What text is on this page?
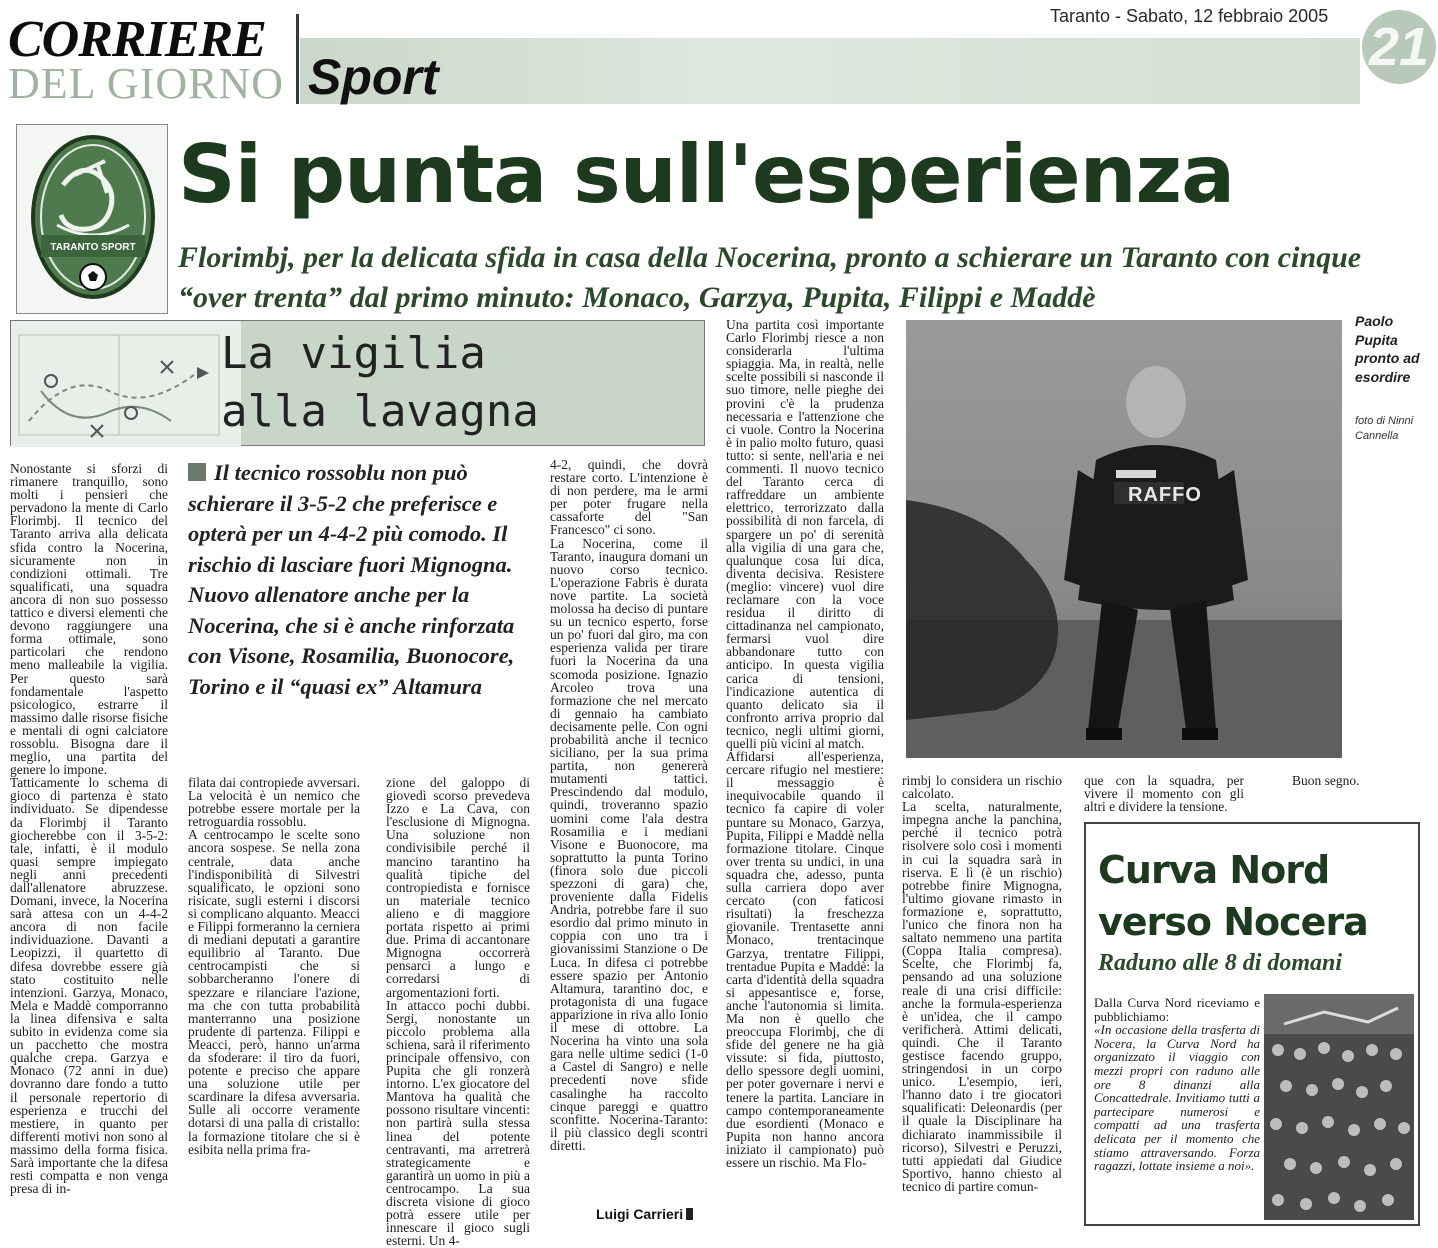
CORRIERE
DEL GIORNO Sport
Taranto - Sabato, 12 febbraio 2005
21
TARANTO SPORT
Si punta sull'esperienza
Florimbj, per la delicata sfida in casa della Nocerina, pronto a schierare un Taranto con cinque “over trenta” dal primo minuto: Monaco, Garzya, Pupita, Filippi e Maddè
La vigilia
alla lavagna
Il tecnico rossoblu non può schierare il 3-5-2 che preferisce e opterà per un 4-4-2 più comodo. Il rischio di lasciare fuori Mignogna. Nuovo allenatore anche per la Nocerina, che si è anche rinforzata con Visone, Rosamilia, Buonocore, Torino e il “quasi ex” Altamura

Nonostante si sforzi di rimanere tranquillo, sono molti i pensieri che pervadono la mente di Carlo Florimbj. Il tecnico del Taranto arriva alla delicata sfida contro la Nocerina, sicuramente non in condizioni ottimali. Tre squalificati, una squadra ancora di non suo possesso tattico e diversi elementi che devono raggiungere una forma ottimale, sono particolari che rendono meno malleabile la vigilia. Per questo sarà fondamentale l'aspetto psicologico, estrarre il massimo dalle risorse fisiche e mentali di ogni calciatore rossoblu. Bisogna dare il meglio, una partita del genere lo impone.

Tatticamente lo schema di gioco di partenza è stato individuato. Se dipendesse da Florimbj il Taranto giocherebbe con il 3-5-2: tale, infatti, è il modulo quasi sempre impiegato negli anni precedenti dall'allenatore abruzzese. Domani, invece, la Nocerina sarà attesa con un 4-4-2 ancora di non facile individuazione. Davanti a Leopizzi, il quartetto di difesa dovrebbe essere già stato costituito nelle intenzioni. Garzya, Monaco, Mela e Maddè comporranno la linea difensiva e salta subito in evidenza come sia un pacchetto che mostra qualche crepa. Garzya e Monaco (72 anni in due) dovranno dare fondo a tutto il personale repertorio di esperienza e trucchi del mestiere, in quanto per differenti motivi non sono al massimo della forma fisica. Sarà importante che la difesa resti compatta e non venga presa di in-

filata dai contropiede avversari. La velocità è un nemico che potrebbe essere mortale per la retroguardia rossoblu.

A centrocampo le scelte sono ancora sospese. Se nella zona centrale, data anche l'indisponibilità di Silvestri squalificato, le opzioni sono risicate, sugli esterni i discorsi si complicano alquanto. Meacci e Filippi formeranno la cerniera di mediani deputati a garantire equilibrio al Taranto. Due centrocampisti che si sobbarcheranno l'onere di spezzare e rilanciare l'azione, ma che con tutta probabilità manterranno una posizione prudente di partenza. Filippi e Meacci, però, hanno un'arma da sfoderare: il tiro da fuori, potente e preciso che appare una soluzione utile per scardinare la difesa avversaria. Sulle ali occorre veramente dotarsi di una palla di cristallo: la formazione titolare che si è esibita nella prima fra-

zione del galoppo di giovedì scorso prevedeva Izzo e La Cava, con l'esclusione di Mignogna. Una soluzione non condivisibile perché il mancino tarantino ha qualità tipiche del contropiedista e fornisce un materiale tecnico alieno e di maggiore portata rispetto ai primi due. Prima di accantonare Mignogna occorrerà pensarci a lungo e corredarsi di argomentazioni forti.

In attacco pochi dubbi. Sergi, nonostante un piccolo problema alla schiena, sarà il riferimento principale offensivo, con Pupita che gli ronzerà intorno. L'ex giocatore del Mantova ha qualità che possono risultare vincenti: non partirà sulla stessa linea del potente centravanti, ma arretrerà strategicamente e garantirà un uomo in più a centrocampo. La sua discreta visione di gioco potrà essere utile per innescare il gioco sugli esterni. Un 4-

4-2, quindi, che dovrà restare corto. L'intenzione è di non perdere, ma le armi per poter frugare nella cassaforte del "San Francesco" ci sono.

La Nocerina, come il Taranto, inaugura domani un nuovo corso tecnico. L'operazione Fabris è durata nove partite. La società molossa ha deciso di puntare su un tecnico esperto, forse un po' fuori dal giro, ma con esperienza valida per tirare fuori la Nocerina da una scomoda posizione. Ignazio Arcoleo trova una formazione che nel mercato di gennaio ha cambiato decisamente pelle. Con ogni probabilità anche il tecnico siciliano, per la sua prima partita, non genererà mutamenti tattici. Prescindendo dal modulo, quindi, troveranno spazio uomini come l'ala destra Rosamilia e i mediani Visone e Buonocore, ma soprattutto la punta Torino (finora solo due piccoli spezzoni di gara) che, proveniente dalla Fidelis Andria, potrebbe fare il suo esordio dal primo minuto in coppia con uno tra i giovanissimi Stanzione o De Luca. In difesa ci potrebbe essere spazio per Antonio Altamura, tarantino doc, e protagonista di una fugace apparizione in riva allo Ionio il mese di ottobre. La Nocerina ha vinto una sola gara nelle ultime sedici (1-0 a Castel di Sangro) e nelle precedenti nove sfide casalinghe ha raccolto cinque pareggi e quattro sconfitte. Nocerina-Taranto: il più classico degli scontri diretti.

Una partita così importante Carlo Florimbj riesce a non considerarla l'ultima spiaggia. Ma, in realtà, nelle scelte possibili si nasconde il suo timore, nelle pieghe dei provini c'è la prudenza necessaria e l'attenzione che ci vuole. Contro la Nocerina è in palio molto futuro, quasi tutto: si sente, nell'aria e nei commenti. Il nuovo tecnico del Taranto cerca di raffreddare un ambiente elettrico, terrorizzato dalla possibilità di non farcela, di spargere un po' di serenità alla vigilia di una gara che, qualunque cosa lui dica, diventa decisiva. Resistere (meglio: vincere) vuol dire reclamare con la voce residua il diritto di cittadinanza nel campionato, fermarsi vuol dire abbandonare tutto con anticipo. In questa vigilia carica di tensioni, l'indicazione autentica di quanto delicato sia il confronto arriva proprio dal tecnico, negli ultimi giorni, quelli più vicini al match.

Affidarsi all'esperienza, cercare rifugio nel mestiere: il messaggio è inequivocabile quando il tecnico fa capire di voler puntare su Monaco, Garzya, Pupita, Filippi e Maddè nella formazione titolare. Cinque over trenta su undici, in una squadra che, adesso, punta sulla carriera dopo aver cercato (con faticosi risultati) la freschezza giovanile. Trentasette anni Monaco, trentacinque Garzya, trentatre Filippi, trentadue Pupita e Maddè: la carta d'identità della squadra si appesantisce e, forse, anche l'autonomia si limita. Ma non è quello che preoccupa Florimbj, che di sfide del genere ne ha già vissute: si fida, piuttosto, dello spessore degli uomini, per poter governare i nervi e tenere la partita. Lanciare in campo contemporaneamente due esordienti (Monaco e Pupita non hanno ancora iniziato il campionato) può essere un rischio. Ma Flo-

rimbj lo considera un rischio calcolato.

La scelta, naturalmente, impegna anche la panchina, perché il tecnico potrà risolvere solo così i momenti in cui la squadra sarà in riserva. E lì (è un rischio) potrebbe finire Mignogna, l'ultimo giovane rimasto in formazione e, soprattutto, l'unico che finora non ha saltato nemmeno una partita (Coppa Italia compresa). Scelte, che Florimbj fa, pensando ad una soluzione reale di una crisi difficile: anche la formula-esperienza è un'idea, che il campo verificherà. Attimi delicati, quindi. Che il Taranto gestisce facendo gruppo, stringendosi in un corpo unico. L'esempio, ieri, l'hanno dato i tre giocatori squalificati: Deleonardis (per il quale la Disciplinare ha dichiarato inammissibile il ricorso), Silvestri e Peruzzi, tutti appiedati dal Giudice Sportivo, hanno chiesto al tecnico di partire comun-

que con la squadra, per vivere il momento con gli altri e dividere la tensione.

Buon segno.

Luigi Carrieri
RAFFO
Paolo Pupita pronto ad esordire
foto di Ninni Cannella
Curva Nord
verso Nocera
Raduno alle 8 di domani

Dalla Curva Nord riceviamo e pubblichiamo:

«In occasione della trasferta di Nocera, la Curva Nord ha organizzato il viaggio con mezzi propri con raduno alle ore 8 dinanzi alla Concattedrale. Invitiamo tutti a partecipare numerosi e compatti ad una trasferta delicata per il momento che stiamo attraversando. Forza ragazzi, lottate insieme a noi».
